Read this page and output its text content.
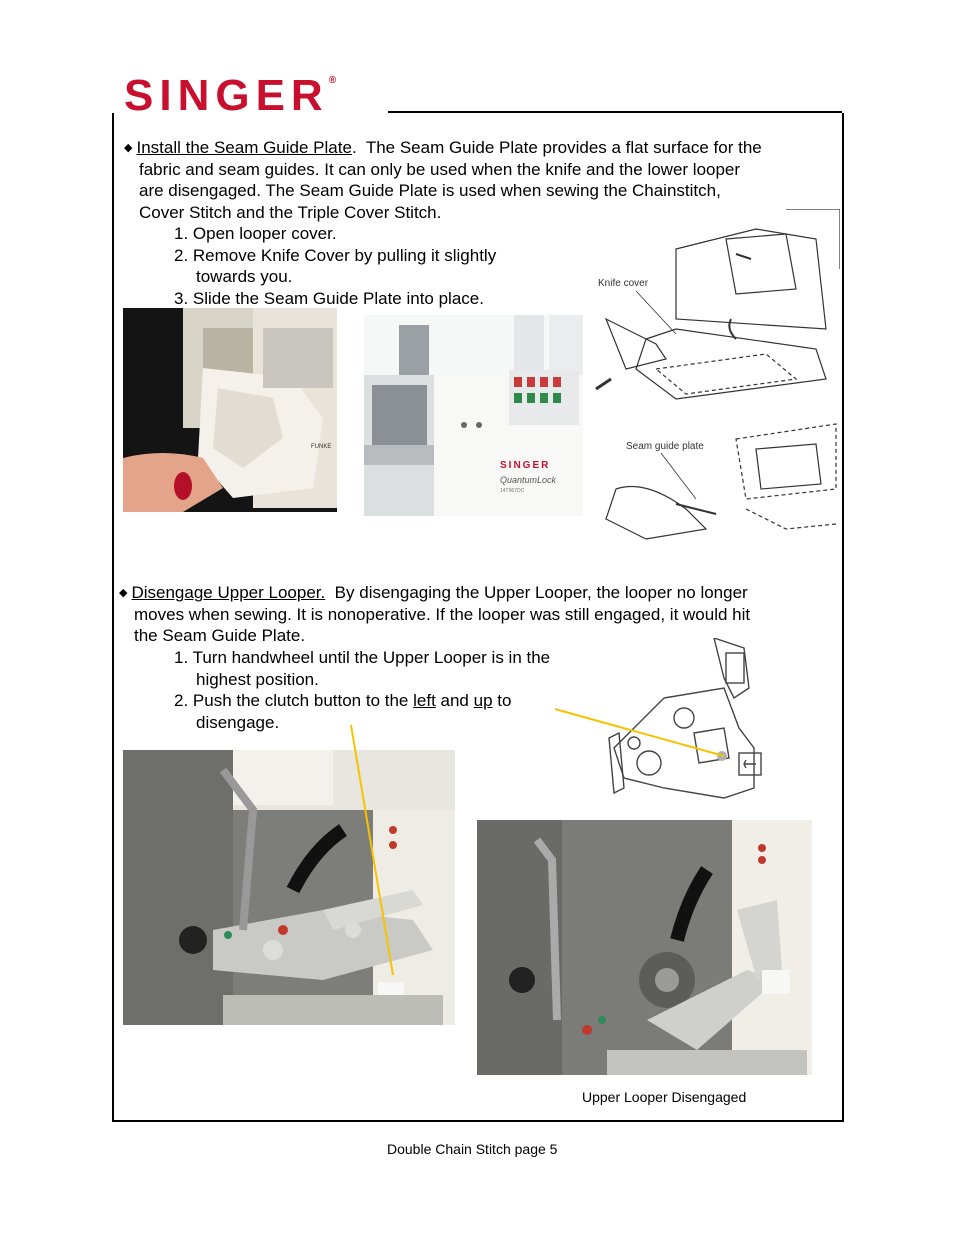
SINGER®
◆ Install the Seam Guide Plate.  The Seam Guide Plate provides a flat surface for the
fabric and seam guides. It can only be used when the knife and the lower looper
are disengaged. The Seam Guide Plate is used when sewing the Chainstitch,
Cover Stitch and the Triple Cover Stitch.
1. Open looper cover.
2. Remove Knife Cover by pulling it slightly
towards you.
3. Slide the Seam Guide Plate into place.
FUNKE
SINGER
QuantumLock
14T967DC
Knife cover
Seam guide plate
◆ Disengage Upper Looper. By disengaging the Upper Looper, the looper no longer
moves when sewing. It is nonoperative. If the looper was still engaged, it would hit
the Seam Guide Plate.
1. Turn handwheel until the Upper Looper is in the
highest position.
2. Push the clutch button to the left and up to
disengage.
Upper Looper Disengaged
Double Chain Stitch page 5
